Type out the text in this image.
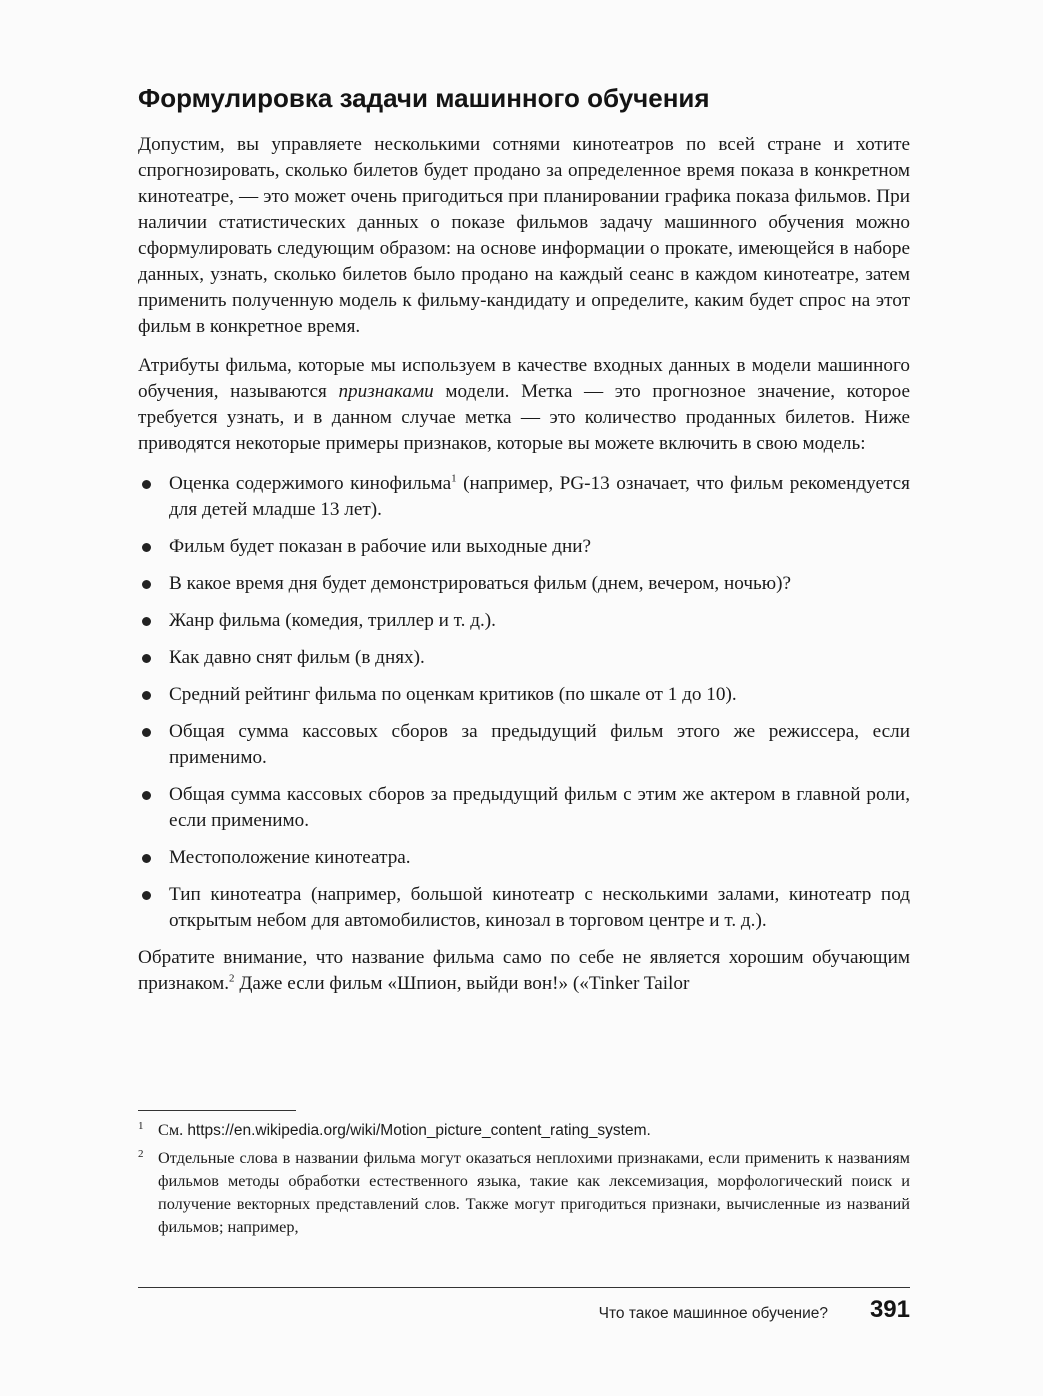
Формулировка задачи машинного обучения

Допустим, вы управляете несколькими сотнями кинотеатров по всей стране и хотите спрогнозировать, сколько билетов будет продано за определенное время показа в конкретном кинотеатре, — это может очень пригодиться при планировании графика показа фильмов. При наличии статистических данных о показе фильмов задачу машинного обучения можно сформулировать следующим образом: на основе информации о прокате, имеющейся в наборе данных, узнать, сколько билетов было продано на каждый сеанс в каждом кинотеатре, затем применить полученную модель к фильму-кандидату и определите, каким будет спрос на этот фильм в конкретное время.

Атрибуты фильма, которые мы используем в качестве входных данных в модели машинного обучения, называются признаками модели. Метка — это прогнозное значение, которое требуется узнать, и в данном случае метка — это количество проданных билетов. Ниже приводятся некоторые примеры признаков, которые вы можете включить в свою модель:

Оценка содержимого кинофильма$^1$ (например, PG-13 означает, что фильм рекомендуется для детей младше 13 лет).
Фильм будет показан в рабочие или выходные дни?
В какое время дня будет демонстрироваться фильм (днем, вечером, ночью)?
Жанр фильма (комедия, триллер и т. д.).
Как давно снят фильм (в днях).
Средний рейтинг фильма по оценкам критиков (по шкале от 1 до 10).
Общая сумма кассовых сборов за предыдущий фильм этого же режиссера, если применимо.
Общая сумма кассовых сборов за предыдущий фильм с этим же актером в главной роли, если применимо.
Местоположение кинотеатра.
Тип кинотеатра (например, большой кинотеатр с несколькими залами, кинотеатр под открытым небом для автомобилистов, кинозал в торговом центре и т. д.).

Обратите внимание, что название фильма само по себе не является хорошим обучающим признаком.$^2$ Даже если фильм «Шпион, выйди вон!» («Tinker Tailor

1 См. https://en.wikipedia.org/wiki/Motion_picture_content_rating_system.
2 Отдельные слова в названии фильма могут оказаться неплохими признаками, если применить к названиям фильмов методы обработки естественного языка, такие как лексемизация, морфологический поиск и получение векторных представлений слов. Также могут пригодиться признаки, вычисленные из названий фильмов; например,
Что такое машинное обучение? 391
